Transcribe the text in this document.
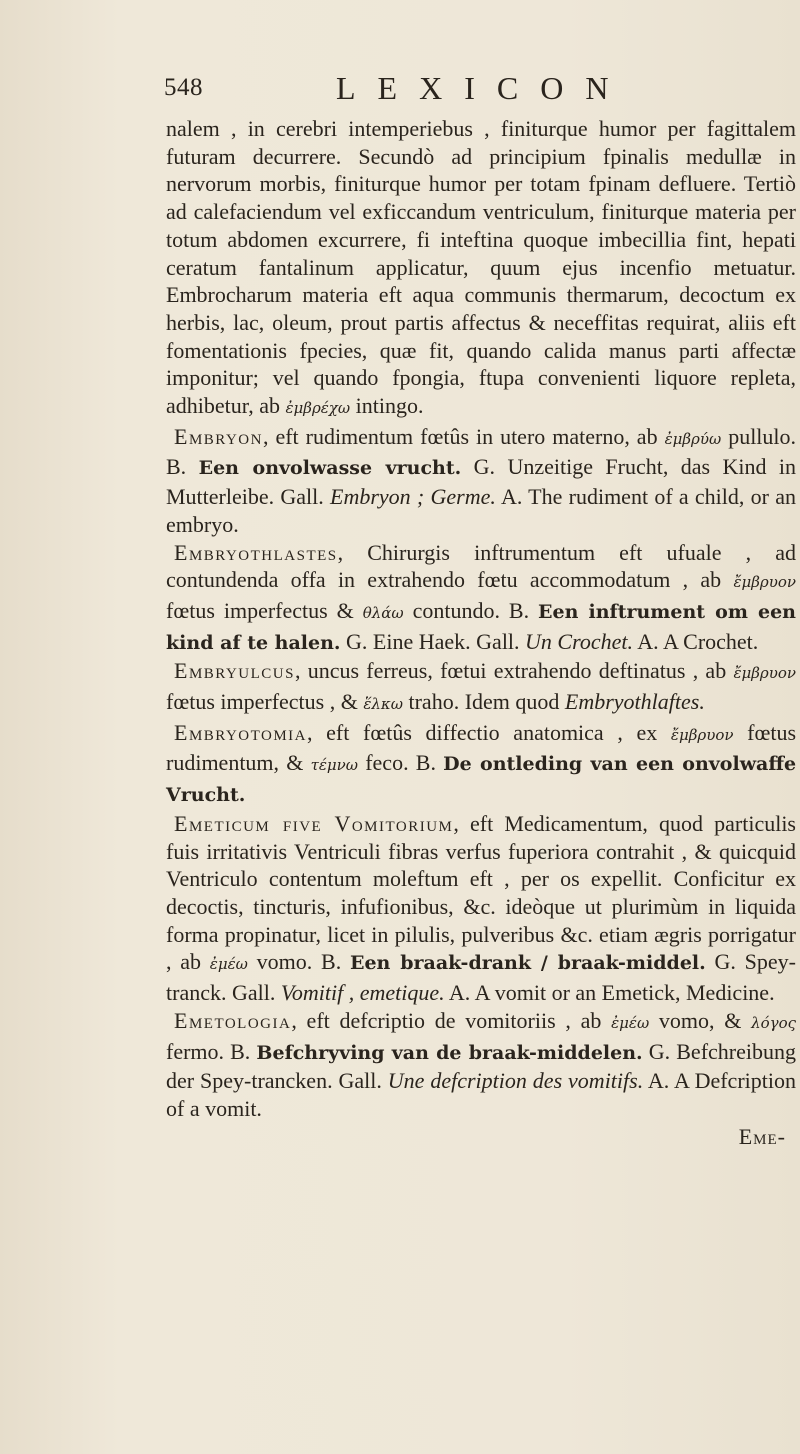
548	LEXICON

nalem , in cerebri intemperiebus , finiturque humor per fagittalem futuram decurrere. Secundò ad principium fpinalis medullæ in nervorum morbis, finiturque humor per totam fpinam defluere. Tertiò ad calefaciendum vel exficcandum ventriculum, finiturque materia per totum abdomen excurrere, fi inteftina quoque imbecillia fint, hepati ceratum fantalinum applicatur, quum ejus incenfio metuatur. Embrocharum materia eft aqua communis thermarum, decoctum ex herbis, lac, oleum, prout partis affectus & neceffitas requirat, aliis eft fomentationis fpecies, quæ fit, quando calida manus parti affectæ imponitur; vel quando fpongia, ftupa convenienti liquore repleta, adhibetur, ab ἐμβρέχω intingo.

Embryon, eft rudimentum fœtûs in utero materno, ab ἐμβρύω pullulo. B. Een onvolwasse vrucht. G. Unzeitige Frucht, das Kind in Mutterleibe. Gall. Embryon ; Germe. A. The rudiment of a child, or an embryo.

Embryothlastes, Chirurgis inftrumentum eft ufuale , ad contundenda offa in extrahendo fœtu accommodatum , ab ἔμβρυον fœtus imperfectus & θλάω contundo. B. Een inftrument om een kind af te halen. G. Eine Haek. Gall. Un Crochet. A. A Crochet.

Embryulcus, uncus ferreus, fœtui extrahendo deftinatus , ab ἔμβρυον fœtus imperfectus , & ἕλκω traho. Idem quod Embryothlaftes.

Embryotomia, eft fœtûs diffectio anatomica , ex ἔμβρυον fœtus rudimentum, & τέμνω feco. B. De ontleding van een onvolwaffe Vrucht.

Emeticum five Vomitorium, eft Medicamentum, quod particulis fuis irritativis Ventriculi fibras verfus fuperiora contrahit , & quicquid Ventriculo contentum moleftum eft , per os expellit. Conficitur ex decoctis, tincturis, infufionibus, &c. ideòque ut plurimùm in liquida forma propinatur, licet in pilulis, pulveribus &c. etiam ægris porrigatur , ab ἐμέω vomo. B. Een braak-drank / braak-middel. G. Spey-tranck. Gall. Vomitif , emetique. A. A vomit or an Emetick, Medicine.

Emetologia, eft defcriptio de vomitoriis , ab ἐμέω vomo, & λόγος fermo. B. Befchryving van de braak-middelen. G. Befchreibung der Spey-trancken. Gall. Une defcription des vomitifs. A. A Defcription of a vomit.

Eme-
